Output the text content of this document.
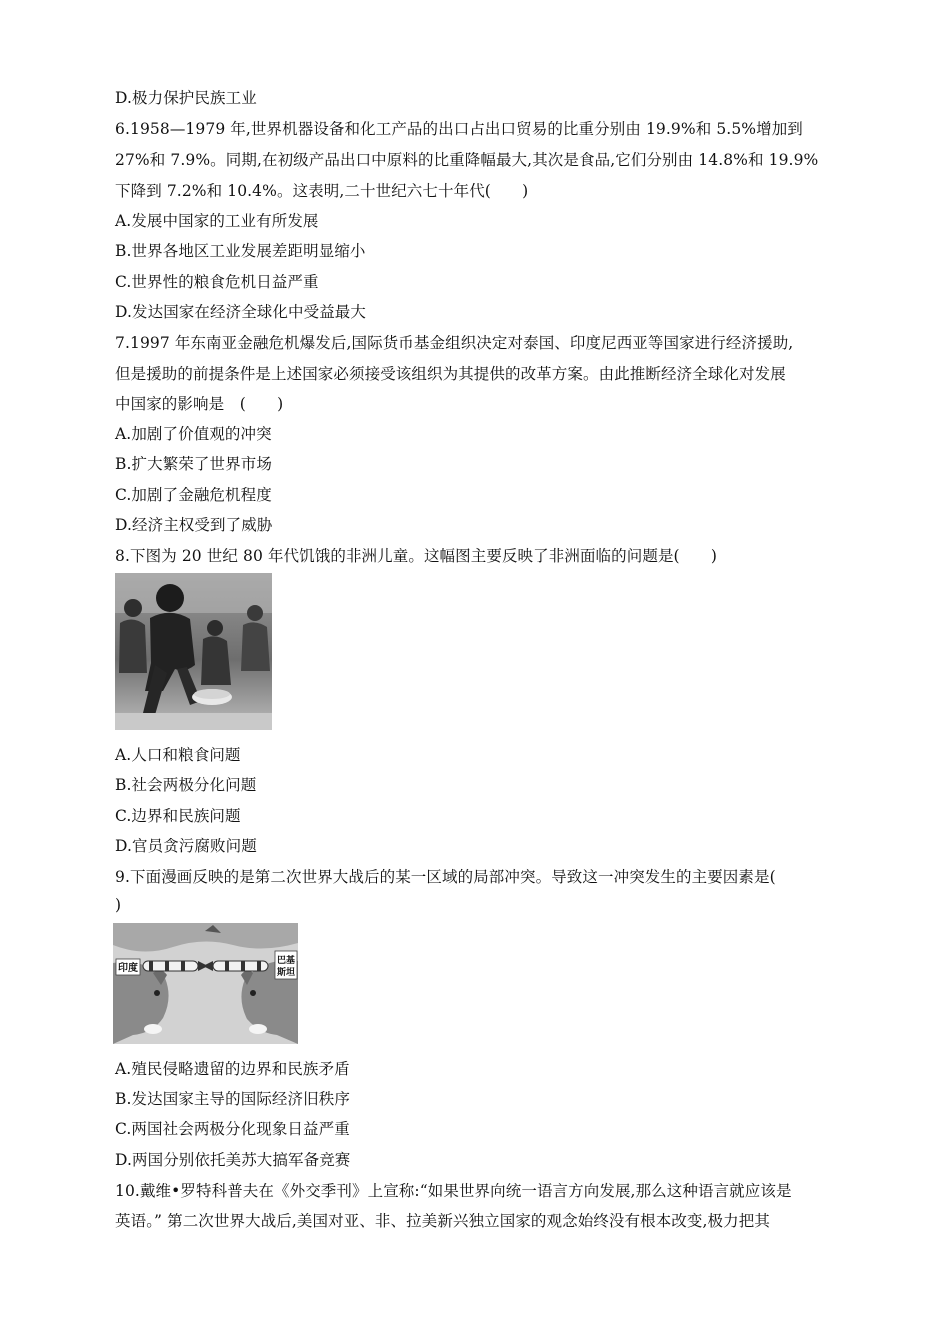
D.极力保护民族工业
6.1958—1979 年,世界机器设备和化工产品的出口占出口贸易的比重分别由 19.9%和 5.5%增加到
27%和 7.9%。同期,在初级产品出口中原料的比重降幅最大,其次是食品,它们分别由 14.8%和 19.9%
下降到 7.2%和 10.4%。这表明,二十世纪六七十年代(　　)
A.发展中国家的工业有所发展
B.世界各地区工业发展差距明显缩小
C.世界性的粮食危机日益严重
D.发达国家在经济全球化中受益最大
7.1997 年东南亚金融危机爆发后,国际货币基金组织决定对泰国、印度尼西亚等国家进行经济援助,
但是援助的前提条件是上述国家必须接受该组织为其提供的改革方案。由此推断经济全球化对发展
中国家的影响是　(　　)
A.加剧了价值观的冲突
B.扩大繁荣了世界市场
C.加剧了金融危机程度
D.经济主权受到了威胁
8.下图为 20 世纪 80 年代饥饿的非洲儿童。这幅图主要反映了非洲面临的问题是(　　)
A.人口和粮食问题
B.社会两极分化问题
C.边界和民族问题
D.官员贪污腐败问题
9.下面漫画反映的是第二次世界大战后的某一区域的局部冲突。导致这一冲突发生的主要因素是(
)
印度
巴基
斯坦
A.殖民侵略遗留的边界和民族矛盾
B.发达国家主导的国际经济旧秩序
C.两国社会两极分化现象日益严重
D.两国分别依托美苏大搞军备竞赛
10.戴维•罗特科普夫在《外交季刊》上宣称:“如果世界向统一语言方向发展,那么这种语言就应该是
英语。” 第二次世界大战后,美国对亚、非、拉美新兴独立国家的观念始终没有根本改变,极力把其
